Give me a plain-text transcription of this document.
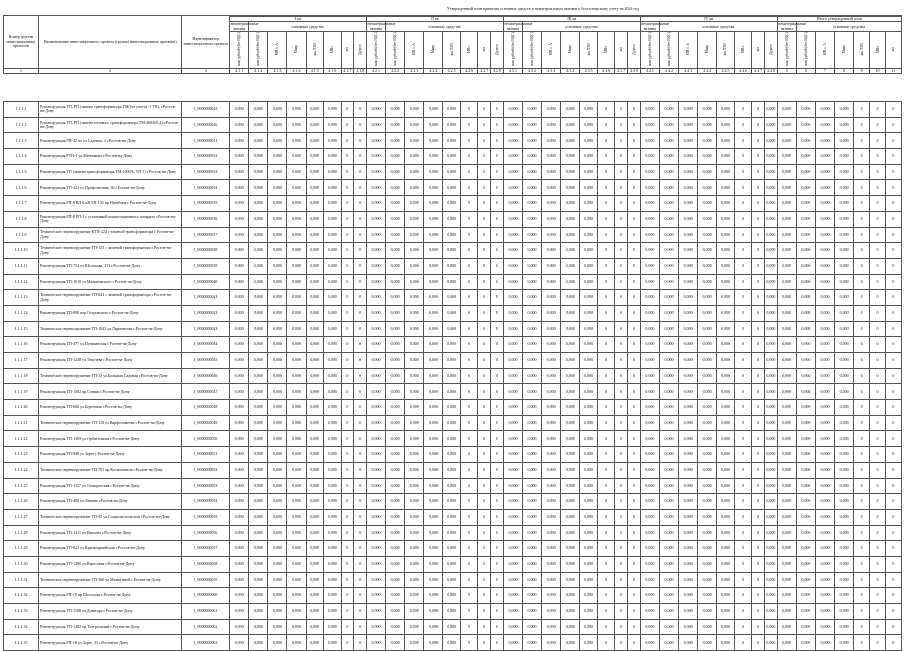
Утвержденный план принятия основных средств и нематериальных активов к бухгалтерскому учету на 2024 год
Номер группы инвестиционных проектов	Наименование инвестиционного проекта (группы инвестиционных проектов)	Идентификатор инвестиционного проекта																																							
			I кв								II кв								III кв								IV кв								Итого утвержденный план						
			нематериальные активы	основные средства							нематериальные активы	основные средства							нематериальные активы	основные средства							нематериальные активы	основные средства							нематериальные активы	основные средства					
			млн рублей (без НДС)	млн рублей (без НДС)	МВ×А	Мвар	км ЛЭП	МВт	шт	Другое	млн рублей (без НДС)	млн рублей (без НДС)	МВ×А	Мвар	км ЛЭП	МВт	шт	Другое	млн рублей (без НДС)	млн рублей (без НДС)	МВ×А	Мвар	км ЛЭП	МВт	шт	Другое	млн рублей (без НДС)	млн рублей (без НДС)	МВ×А	Мвар	км ЛЭП	МВт	шт	Другое	млн рублей (без НДС)	млн рублей (без НДС)	МВ×А	Мвар	км ЛЭП	МВт	шт
1	2	3	4.1.1	4.1.2	4.1.3	4.1.4	4.1.5	4.1.6	4.1.7	4.1.8	4.2.1	4.2.2	4.2.3	4.2.4	4.2.5	4.2.6	4.2.7	4.2.8	4.3.1	4.3.2	4.3.3	4.3.4	4.3.5	4.3.6	4.3.7	4.3.8	4.4.1	4.4.2	4.4.3	4.4.4	4.4.5	4.4.6	4.4.7	4.4.8	5	6	7	8	9	10	11
1.1.1.1	Реконструкция ТП, РП (замена трансформатора ТМ(без учета) -1 ТП), г.Ростов-на-Дону	I_0000000025	0,000	0,000	0,000	0,000	0,000	0,000	0	0	0,000	0,000	0,000	0,000	0,000	0	0	0	0,000	0,000	0,000	0,000	0,000	0	0	0	0,000	0,000	0,000	0,000	0,000	0	0	0,000	0,000	0,000	0,000	0,000	0	0	0
1.1.1.2	Реконструкция ТП, РП (замена силового трансформатора ТМ-400/6/0,4) г.Ростов-на-Дону	I_0000000026	0,000	0,000	0,000	0,000	0,000	0,000	0	0	0,000	0,000	0,000	0,000	0,000	0	0	0	0,000	0,000	0,000	0,000	0,000	0	0	0	0,000	0,000	0,000	0,000	0,000	0	0	0,000	0,000	0,000	0,000	0,000	0	0	0
1.1.1.3	Реконструкция РП-42 по ул.Садовая, 3 г.Ростов-на-Дону	I_0000000031	0,000	0,000	0,000	0,000	0,000	0,000	0	0	0,000	0,000	0,000	0,000	0,000	0	0	0	0,000	0,000	0,000	0,000	0,000	0	0	0	0,000	0,000	0,000	0,000	0,000	0	0	0,000	0,000	0,000	0,000	0,000	0	0	0
1.1.1.4	Реконструкция РТП-1 ул.Мечникова г.Ростов-на-Дону	I_0000000032	0,000	0,000	0,000	0,000	0,000	0,000	0	0	0,000	0,000	0,000	0,000	0,000	0	0	0	0,000	0,000	0,000	0,000	0,000	0	0	0	0,000	0,000	0,000	0,000	0,000	0	0	0,000	0,000	0,000	0,000	0,000	0	0	0
1.1.1.5	Реконструкция ТП (замена трансформатора ТМ-1000/6, ТП-1) г.Ростов-на-Дону	I_0000000033	0,000	0,000	0,000	0,000	0,000	0,000	0	0	0,000	0,000	0,000	0,000	0,000	0	0	0	0,000	0,000	0,000	0,000	0,000	0	0	0	0,000	0,000	0,000	0,000	0,000	0	0	0,000	0,000	0,000	0,000	0,000	0	0	0
1.1.1.6	Реконструкция ТП-421 ул.Профсоюзная, 60 г.Ростов-на-Дону	I_0000000034	0,000	0,000	0,000	0,000	0,000	0,000	0	0	0,000	0,000	0,000	0,000	0,000	0	0	0	0,000	0,000	0,000	0,000	0,000	0	0	0	0,000	0,000	0,000	0,000	0,000	0	0	0,000	0,000	0,000	0,000	0,000	0	0	0
1.1.1.7	Реконструкция РП-9 ВЛ-6 кВ ТП-145 пр.Нагибина г.Ростов-на-Дону	I_0000000035	0,000	0,000	0,000	0,000	0,000	0,000	0	0	0,000	0,000	0,000	0,000	0,000	0	0	0	0,000	0,000	0,000	0,000	0,000	0	0	0	0,000	0,000	0,000	0,000	0,000	0	0	0,000	0,000	0,000	0,000	0,000	0	0	0
1.1.1.8	Реконструкция РП-8 РП-1 с установкой коммутационного аппарата г.Ростов-на-Дону	I_0000000036	0,000	0,000	0,000	0,000	0,000	0,000	0	0	0,000	0,000	0,000	0,000	0,000	0	0	0	0,000	0,000	0,000	0,000	0,000	0	0	0	0,000	0,000	0,000	0,000	0,000	0	0	0,000	0,000	0,000	0,000	0,000	0	0	0
1.1.1.9	Техническое перевооружение КТП-224 с заменой трансформатора г.Ростов-на-Дону	I_0000000037	0,000	0,000	0,000	0,000	0,000	0,000	0	0	0,000	0,000	0,000	0,000	0,000	0	0	0	0,000	0,000	0,000	0,000	0,000	0	0	0	0,000	0,000	0,000	0,000	0,000	0	0	0,000	0,000	0,000	0,000	0,000	0	0	0
1.1.1.10	Техническое перевооружение ТП-155 с заменой трансформатора г.Ростов-на-Дону	I_0000000038	0,000	0,000	0,000	0,000	0,000	0,000	0	0	0,000	0,000	0,000	0,000	0,000	0	0	0	0,000	0,000	0,000	0,000	0,000	0	0	0	0,000	0,000	0,000	0,000	0,000	0	0	0,000	0,000	0,000	0,000	0,000	0	0	0
1.1.1.11	Реконструкция ТП-752 ул.Шолохова, 211 г.Ростов-на-Дону	I_0000000039	0,000	0,000	0,000	0,000	0,000	0,000	0	0	0,000	0,000	0,000	0,000	0,000	0	0	0	0,000	0,000	0,000	0,000	0,000	0	0	0	0,000	0,000	0,000	0,000	0,000	0	0	0,000	0,000	0,000	0,000	0,000	0	0	0
1.1.1.12	Реконструкция ТП-1010 ул.Малиновского г.Ростов-на-Дону	I_0000000040	0,000	0,000	0,000	0,000	0,000	0,000	0	0	0,000	0,000	0,000	0,000	0,000	0	0	0	0,000	0,000	0,000	0,000	0,000	0	0	0	0,000	0,000	0,000	0,000	0,000	0	0	0,000	0,000	0,000	0,000	0,000	0	0	0
1.1.1.13	Техническое перевооружение ТП-621 с заменой трансформатора г.Ростов-на-Дону	I_0000000041	0,000	0,000	0,000	0,000	0,000	0,000	0	0	0,000	0,000	0,000	0,000	0,000	0	0	0	0,000	0,000	0,000	0,000	0,000	0	0	0	0,000	0,000	0,000	0,000	0,000	0	0	0,000	0,000	0,000	0,000	0,000	0	0	0
1.1.1.14	Реконструкция ТП-880 пер.Островского г.Ростов-на-Дону	I_0000000042	0,000	0,000	0,000	0,000	0,000	0,000	0	0	0,000	0,000	0,000	0,000	0,000	0	0	0	0,000	0,000	0,000	0,000	0,000	0	0	0	0,000	0,000	0,000	0,000	0,000	0	0	0,000	0,000	0,000	0,000	0,000	0	0	0
1.1.1.15	Техническое перевооружение ТП-1043 ул.Лермонтова г.Ростов-на-Дону	I_0000000043	0,000	0,000	0,000	0,000	0,000	0,000	0	0	0,000	0,000	0,000	0,000	0,000	0	0	0	0,000	0,000	0,000	0,000	0,000	0	0	0	0,000	0,000	0,000	0,000	0,000	0	0	0,000	0,000	0,000	0,000	0,000	0	0	0
1.1.1.16	Реконструкция ТП-377 ул.Пушкинская г.Ростов-на-Дону	I_0000000044	0,000	0,000	0,000	0,000	0,000	0,000	0	0	0,000	0,000	0,000	0,000	0,000	0	0	0	0,000	0,000	0,000	0,000	0,000	0	0	0	0,000	0,000	0,000	0,000	0,000	0	0	0,000	0,000	0,000	0,000	0,000	0	0	0
1.1.1.17	Реконструкция ТП-1248 ул.Текучева г.Ростов-на-Дону	I_0000000045	0,000	0,000	0,000	0,000	0,000	0,000	0	0	0,000	0,000	0,000	0,000	0,000	0	0	0	0,000	0,000	0,000	0,000	0,000	0	0	0	0,000	0,000	0,000	0,000	0,000	0	0	0,000	0,000	0,000	0,000	0,000	0	0	0
1.1.1.18	Техническое перевооружение ТП-33 ул.Большая Садовая г.Ростов-на-Дону	I_0000000046	0,000	0,000	0,000	0,000	0,000	0,000	0	0	0,000	0,000	0,000	0,000	0,000	0	0	0	0,000	0,000	0,000	0,000	0,000	0	0	0	0,000	0,000	0,000	0,000	0,000	0	0	0,000	0,000	0,000	0,000	0,000	0	0	0
1.1.1.19	Реконструкция ТП-1502 пр.Стачки г.Ростов-на-Дону	I_0000000047	0,000	0,000	0,000	0,000	0,000	0,000	0	0	0,000	0,000	0,000	0,000	0,000	0	0	0	0,000	0,000	0,000	0,000	0,000	0	0	0	0,000	0,000	0,000	0,000	0,000	0	0	0,000	0,000	0,000	0,000	0,000	0	0	0
1.1.1.20	Реконструкция ТП-606 ул.Береговая г.Ростов-на-Дону	I_0000000048	0,000	0,000	0,000	0,000	0,000	0,000	0	0	0,000	0,000	0,000	0,000	0,000	0	0	0	0,000	0,000	0,000	0,000	0,000	0	0	0	0,000	0,000	0,000	0,000	0,000	0	0	0,000	0,000	0,000	0,000	0,000	0	0	0
1.1.1.21	Техническое перевооружение ТП-118 ул.Варфоломеева г.Ростов-на-Дону	I_0000000049	0,000	0,000	0,000	0,000	0,000	0,000	0	0	0,000	0,000	0,000	0,000	0,000	0	0	0	0,000	0,000	0,000	0,000	0,000	0	0	0	0,000	0,000	0,000	0,000	0,000	0	0	0,000	0,000	0,000	0,000	0,000	0	0	0
1.1.1.22	Реконструкция ТП-1369 ул.Орбитальная г.Ростов-на-Дону	I_0000000050	0,000	0,000	0,000	0,000	0,000	0,000	0	0	0,000	0,000	0,000	0,000	0,000	0	0	0	0,000	0,000	0,000	0,000	0,000	0	0	0	0,000	0,000	0,000	0,000	0,000	0	0	0,000	0,000	0,000	0,000	0,000	0	0	0
1.1.1.23	Реконструкция ТП-940 ул.Зорге г.Ростов-на-Дону	I_0000000051	0,000	0,000	0,000	0,000	0,000	0,000	0	0	0,000	0,000	0,000	0,000	0,000	0	0	0	0,000	0,000	0,000	0,000	0,000	0	0	0	0,000	0,000	0,000	0,000	0,000	0	0	0,000	0,000	0,000	0,000	0,000	0	0	0
1.1.1.24	Техническое перевооружение ТП-701 пр.Космонавтов г.Ростов-на-Дону	I_0000000052	0,000	0,000	0,000	0,000	0,000	0,000	0	0	0,000	0,000	0,000	0,000	0,000	0	0	0	0,000	0,000	0,000	0,000	0,000	0	0	0	0,000	0,000	0,000	0,000	0,000	0	0	0,000	0,000	0,000	0,000	0,000	0	0	0
1.1.1.25	Реконструкция ТП-1157 ул.Таганрогская г.Ростов-на-Дону	I_0000000053	0,000	0,000	0,000	0,000	0,000	0,000	0	0	0,000	0,000	0,000	0,000	0,000	0	0	0	0,000	0,000	0,000	0,000	0,000	0	0	0	0,000	0,000	0,000	0,000	0,000	0	0	0,000	0,000	0,000	0,000	0,000	0	0	0
1.1.1.26	Реконструкция ТП-480 ул.Ленина г.Ростов-на-Дону	I_0000000054	0,000	0,000	0,000	0,000	0,000	0,000	0	0	0,000	0,000	0,000	0,000	0,000	0	0	0	0,000	0,000	0,000	0,000	0,000	0	0	0	0,000	0,000	0,000	0,000	0,000	0	0	0,000	0,000	0,000	0,000	0,000	0	0	0
1.1.1.27	Техническое перевооружение ТП-95 ул.Социалистическая г.Ростов-на-Дону	I_0000000055	0,000	0,000	0,000	0,000	0,000	0,000	0	0	0,000	0,000	0,000	0,000	0,000	0	0	0	0,000	0,000	0,000	0,000	0,000	0	0	0	0,000	0,000	0,000	0,000	0,000	0	0	0,000	0,000	0,000	0,000	0,000	0	0	0
1.1.1.28	Реконструкция ТП-1411 ул.Нансена г.Ростов-на-Дону	I_0000000056	0,000	0,000	0,000	0,000	0,000	0,000	0	0	0,000	0,000	0,000	0,000	0,000	0	0	0	0,000	0,000	0,000	0,000	0,000	0	0	0	0,000	0,000	0,000	0,000	0,000	0	0	0,000	0,000	0,000	0,000	0,000	0	0	0
1.1.1.29	Реконструкция ТП-823 ул.Красноармейская г.Ростов-на-Дону	I_0000000057	0,000	0,000	0,000	0,000	0,000	0,000	0	0	0,000	0,000	0,000	0,000	0,000	0	0	0	0,000	0,000	0,000	0,000	0,000	0	0	0	0,000	0,000	0,000	0,000	0,000	0	0	0,000	0,000	0,000	0,000	0,000	0	0	0
1.1.1.30	Реконструкция ТП-1290 ул.Вересаева г.Ростов-на-Дону	I_0000000058	0,000	0,000	0,000	0,000	0,000	0,000	0	0	0,000	0,000	0,000	0,000	0,000	0	0	0	0,000	0,000	0,000	0,000	0,000	0	0	0	0,000	0,000	0,000	0,000	0,000	0	0	0,000	0,000	0,000	0,000	0,000	0	0	0
1.1.1.31	Техническое перевооружение ТП-560 ул.Малюгиной г.Ростов-на-Дону	I_0000000059	0,000	0,000	0,000	0,000	0,000	0,000	0	0	0,000	0,000	0,000	0,000	0,000	0	0	0	0,000	0,000	0,000	0,000	0,000	0	0	0	0,000	0,000	0,000	0,000	0,000	0	0	0,000	0,000	0,000	0,000	0,000	0	0	0
1.1.1.32	Реконструкция РП-18 пр.Шолохова г.Ростов-на-Дону	I_0000000060	0,000	0,000	0,000	0,000	0,000	0,000	0	0	0,000	0,000	0,000	0,000	0,000	0	0	0	0,000	0,000	0,000	0,000	0,000	0	0	0	0,000	0,000	0,000	0,000	0,000	0	0	0,000	0,000	0,000	0,000	0,000	0	0	0
1.1.1.33	Реконструкция ТП-1188 ул.Доватора г.Ростов-на-Дону	I_0000000061	0,000	0,000	0,000	0,000	0,000	0,000	0	0	0,000	0,000	0,000	0,000	0,000	0	0	0	0,000	0,000	0,000	0,000	0,000	0	0	0	0,000	0,000	0,000	0,000	0,000	0	0	0,000	0,000	0,000	0,000	0,000	0	0	0
1.1.1.34	Реконструкция ТП-1402 пр.Театральный г.Ростов-на-Дону	I_0000000062	0,000	0,000	0,000	0,000	0,000	0,000	0	0	0,000	0,000	0,000	0,000	0,000	0	0	0	0,000	0,000	0,000	0,000	0,000	0	0	0	0,000	0,000	0,000	0,000	0,000	0	0	0,000	0,000	0,000	0,000	0,000	0	0	0
1.1.1.35	Реконструкция РП-18 ул.Зорге, 33 г.Ростов-на-Дону	I_0000000063	0,000	0,000	0,000	0,000	0,000	0,000	0	0	0,000	0,000	0,000	0,000	0,000	0	0	0	0,000	0,000	0,000	0,000	0,000	0	0	0	0,000	0,000	0,000	0,000	0,000	0	0	0,000	0,000	0,000	0,000	0,000	0	0	0
